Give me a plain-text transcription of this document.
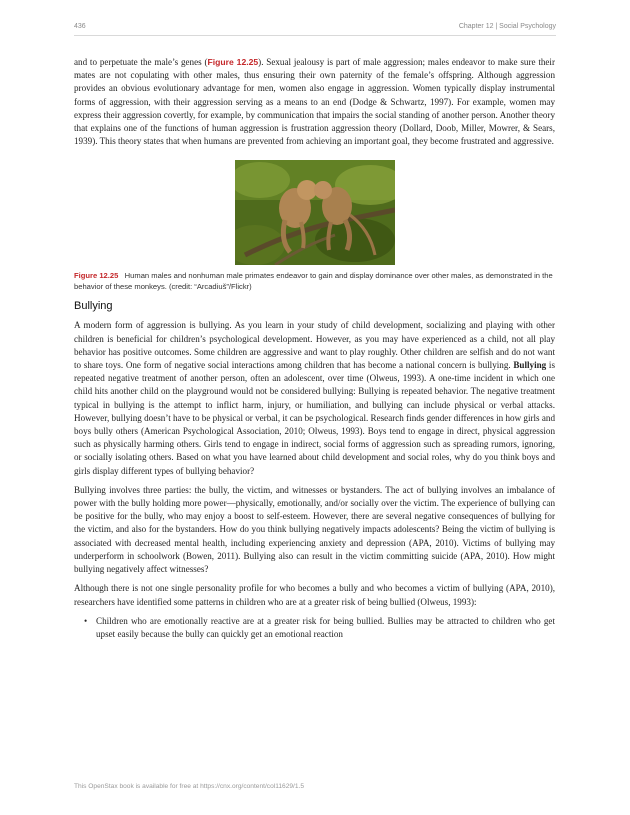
436	Chapter 12 | Social Psychology

and to perpetuate the male’s genes (Figure 12.25). Sexual jealousy is part of male aggression; males endeavor to make sure their mates are not copulating with other males, thus ensuring their own paternity of the female’s offspring. Although aggression provides an obvious evolutionary advantage for men, women also engage in aggression. Women typically display instrumental forms of aggression, with their aggression serving as a means to an end (Dodge & Schwartz, 1997). For example, women may express their aggression covertly, for example, by communication that impairs the social standing of another person. Another theory that explains one of the functions of human aggression is frustration aggression theory (Dollard, Doob, Miller, Mowrer, & Sears, 1939). This theory states that when humans are prevented from achieving an important goal, they become frustrated and aggressive.

Figure 12.25 Human males and nonhuman male primates endeavor to gain and display dominance over other males, as demonstrated in the behavior of these monkeys. (credit: “Arcadiuš”/Flickr)
Bullying

A modern form of aggression is bullying. As you learn in your study of child development, socializing and playing with other children is beneficial for children’s psychological development. However, as you may have experienced as a child, not all play behavior has positive outcomes. Some children are aggressive and want to play roughly. Other children are selfish and do not want to share toys. One form of negative social interactions among children that has become a national concern is bullying. Bullying is repeated negative treatment of another person, often an adolescent, over time (Olweus, 1993). A one-time incident in which one child hits another child on the playground would not be considered bullying: Bullying is repeated behavior. The negative treatment typical in bullying is the attempt to inflict harm, injury, or humiliation, and bullying can include physical or verbal attacks. However, bullying doesn’t have to be physical or verbal, it can be psychological. Research finds gender differences in how girls and boys bully others (American Psychological Association, 2010; Olweus, 1993). Boys tend to engage in direct, physical aggression such as physically harming others. Girls tend to engage in indirect, social forms of aggression such as spreading rumors, ignoring, or socially isolating others. Based on what you have learned about child development and social roles, why do you think boys and girls display different types of bullying behavior?

Bullying involves three parties: the bully, the victim, and witnesses or bystanders. The act of bullying involves an imbalance of power with the bully holding more power—physically, emotionally, and/or socially over the victim. The experience of bullying can be positive for the bully, who may enjoy a boost to self-esteem. However, there are several negative consequences of bullying for the victim, and also for the bystanders. How do you think bullying negatively impacts adolescents? Being the victim of bullying is associated with decreased mental health, including experiencing anxiety and depression (APA, 2010). Victims of bullying may underperform in schoolwork (Bowen, 2011). Bullying also can result in the victim committing suicide (APA, 2010). How might bullying negatively affect witnesses?

Although there is not one single personality profile for who becomes a bully and who becomes a victim of bullying (APA, 2010), researchers have identified some patterns in children who are at a greater risk of being bullied (Olweus, 1993):

• Children who are emotionally reactive are at a greater risk for being bullied. Bullies may be attracted to children who get upset easily because the bully can quickly get an emotional reaction
This OpenStax book is available for free at https://cnx.org/content/col11629/1.5
